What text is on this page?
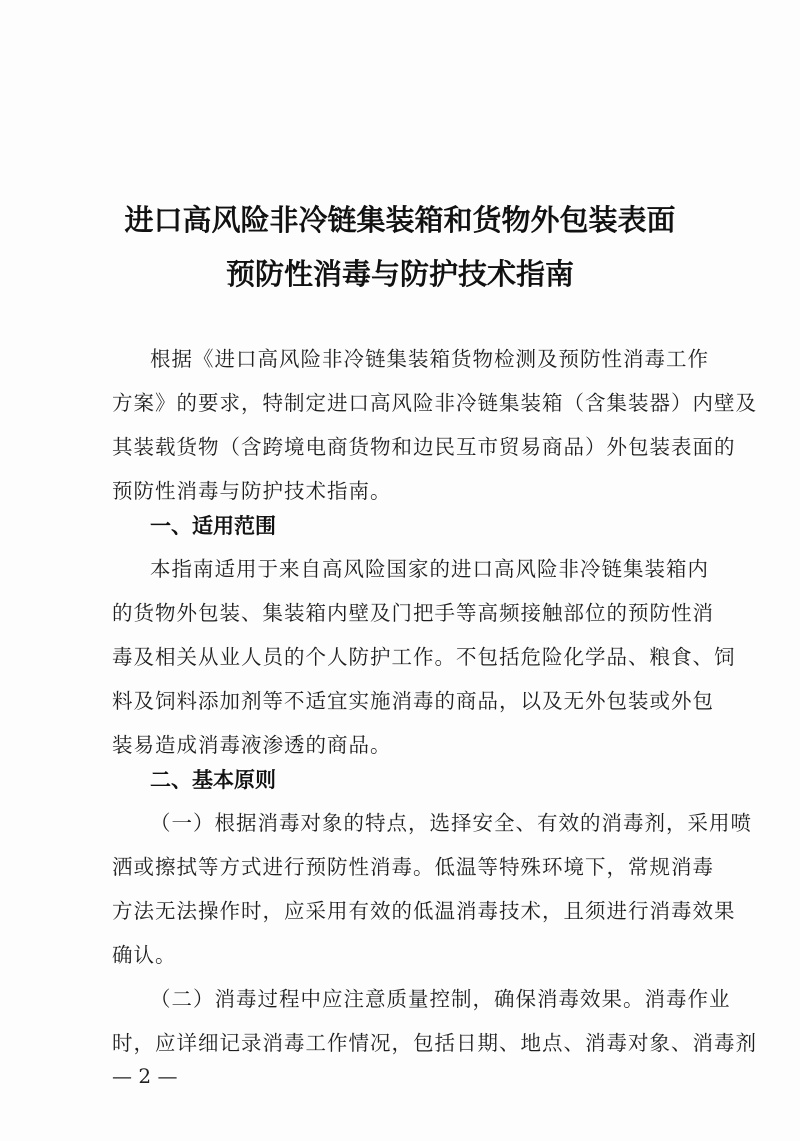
进口高风险非冷链集装箱和货物外包装表面
预防性消毒与防护技术指南
根据《进口高风险非冷链集装箱货物检测及预防性消毒工作
方案》的要求，特制定进口高风险非冷链集装箱（含集装器）内壁及
其装载货物（含跨境电商货物和边民互市贸易商品）外包装表面的
预防性消毒与防护技术指南。
一、适用范围
本指南适用于来自高风险国家的进口高风险非冷链集装箱内
的货物外包装、集装箱内壁及门把手等高频接触部位的预防性消
毒及相关从业人员的个人防护工作。不包括危险化学品、粮食、饲
料及饲料添加剂等不适宜实施消毒的商品，以及无外包装或外包
装易造成消毒液渗透的商品。
二、基本原则
（一）根据消毒对象的特点，选择安全、有效的消毒剂，采用喷
洒或擦拭等方式进行预防性消毒。低温等特殊环境下，常规消毒
方法无法操作时，应采用有效的低温消毒技术，且须进行消毒效果
确认。
（二）消毒过程中应注意质量控制，确保消毒效果。消毒作业
时，应详细记录消毒工作情况，包括日期、地点、消毒对象、消毒剂
— 2 —
